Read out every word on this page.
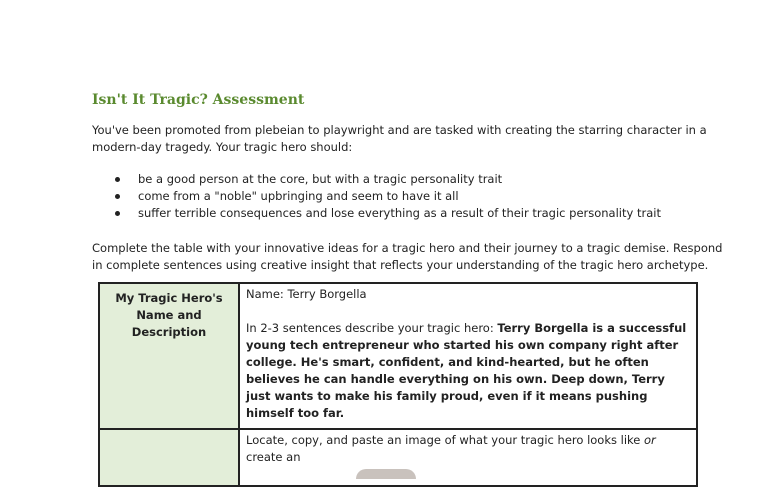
Isn't It Tragic? Assessment
You've been promoted from plebeian to playwright and are tasked with creating the starring character in a modern-day tragedy. Your tragic hero should:
be a good person at the core, but with a tragic personality trait
come from a "noble" upbringing and seem to have it all
suffer terrible consequences and lose everything as a result of their tragic personality trait
Complete the table with your innovative ideas for a tragic hero and their journey to a tragic demise. Respond in complete sentences using creative insight that reflects your understanding of the tragic hero archetype.
My Tragic Hero's Name and Description	Name: Terry Borgella
In 2-3 sentences describe your tragic hero: Terry Borgella is a successful young tech entrepreneur who started his own company right after college. He's smart, confident, and kind-hearted, but he often believes he can handle everything on his own. Deep down, Terry just wants to make his family proud, even if it means pushing himself too far.

	Locate, copy, and paste an image of what your tragic hero looks like or create an
